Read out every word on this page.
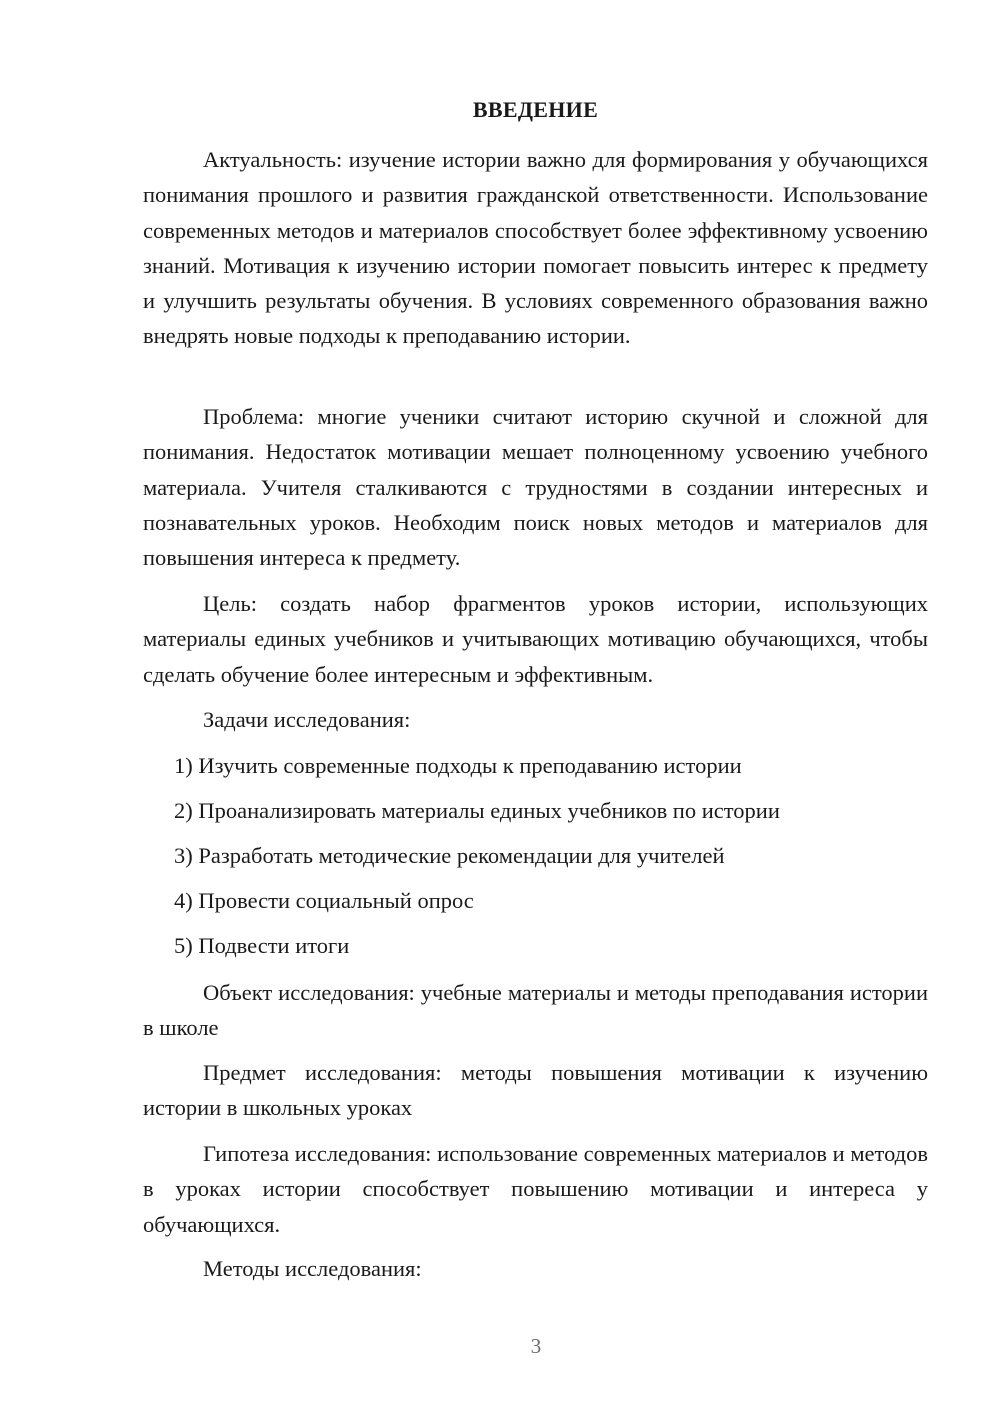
ВВЕДЕНИЕ

Актуальность: изучение истории важно для формирования у обучающихся понимания прошлого и развития гражданской ответственности. Использование современных методов и материалов способствует более эффективному усвоению знаний. Мотивация к изучению истории помогает повысить интерес к предмету и улучшить результаты обучения. В условиях современного образования важно внедрять новые подходы к преподаванию истории.

Проблема: многие ученики считают историю скучной и сложной для понимания. Недостаток мотивации мешает полноценному усвоению учебного материала. Учителя сталкиваются с трудностями в создании интересных и познавательных уроков. Необходим поиск новых методов и материалов для повышения интереса к предмету.

Цель: создать набор фрагментов уроков истории, использующих материалы единых учебников и учитывающих мотивацию обучающихся, чтобы сделать обучение более интересным и эффективным.

Задачи исследования:

1) Изучить современные подходы к преподаванию истории

2) Проанализировать материалы единых учебников по истории

3) Разработать методические рекомендации для учителей

4) Провести социальный опрос

5) Подвести итоги

Объект исследования: учебные материалы и методы преподавания истории в школе

Предмет исследования: методы повышения мотивации к изучению истории в школьных уроках

Гипотеза исследования: использование современных материалов и методов в уроках истории способствует повышению мотивации и интереса у обучающихся.

Методы исследования:

3
